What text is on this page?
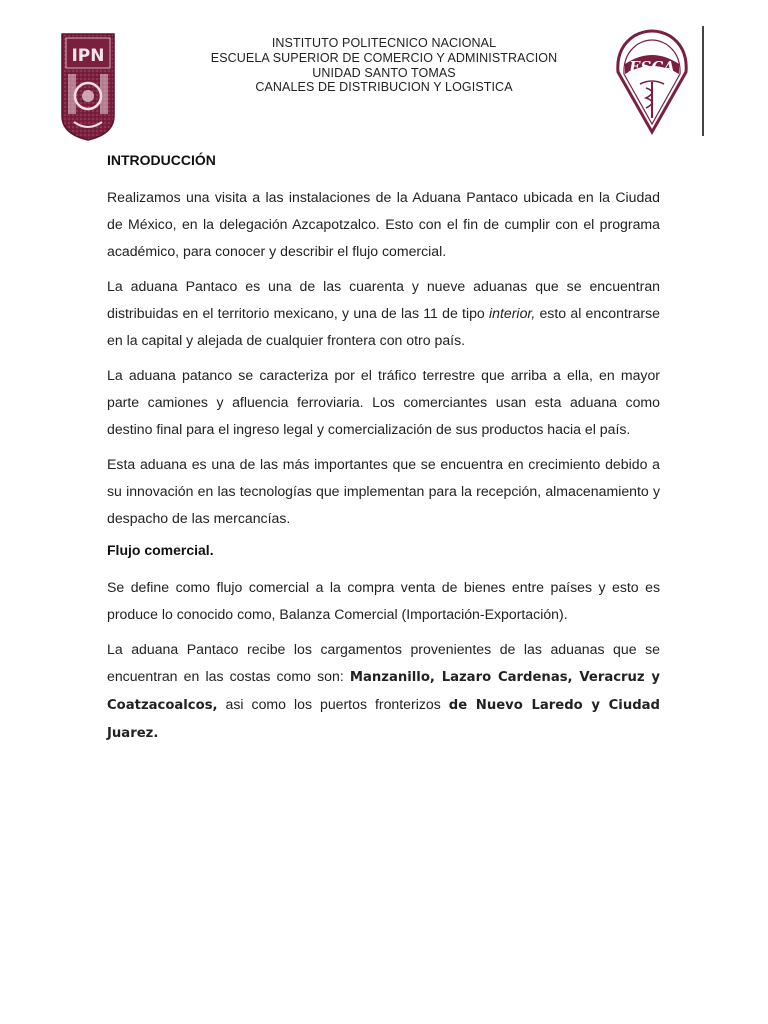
IPN
INSTITUTO POLITECNICO NACIONAL
ESCUELA SUPERIOR DE COMERCIO Y ADMINISTRACION
UNIDAD SANTO TOMAS
CANALES DE DISTRIBUCION Y LOGISTICA
ESCA
INTRODUCCIÓN

Realizamos una visita a las instalaciones de la Aduana Pantaco ubicada en la Ciudad de México, en la delegación Azcapotzalco. Esto con el fin de cumplir con el programa académico, para conocer y describir el flujo comercial.

La aduana Pantaco es una de las cuarenta y nueve aduanas que se encuentran distribuidas en el territorio mexicano, y una de las 11 de tipo interior, esto al encontrarse en la capital y alejada de cualquier frontera con otro país.

La aduana patanco se caracteriza por el tráfico terrestre que arriba a ella, en mayor parte camiones y afluencia ferroviaria. Los comerciantes usan esta aduana como destino final para el ingreso legal y comercialización de sus productos hacia el país.

Esta aduana es una de las más importantes que se encuentra en crecimiento debido a su innovación en las tecnologías que implementan para la recepción, almacenamiento y despacho de las mercancías.

Flujo comercial.

Se define como flujo comercial a la compra venta de bienes entre países y esto es produce lo conocido como, Balanza Comercial (Importación-Exportación).

La aduana Pantaco recibe los cargamentos provenientes de las aduanas que se encuentran en las costas como son: Manzanillo, Lazaro Cardenas, Veracruz y Coatzacoalcos, asi como los puertos fronterizos de Nuevo Laredo y Ciudad Juarez.
